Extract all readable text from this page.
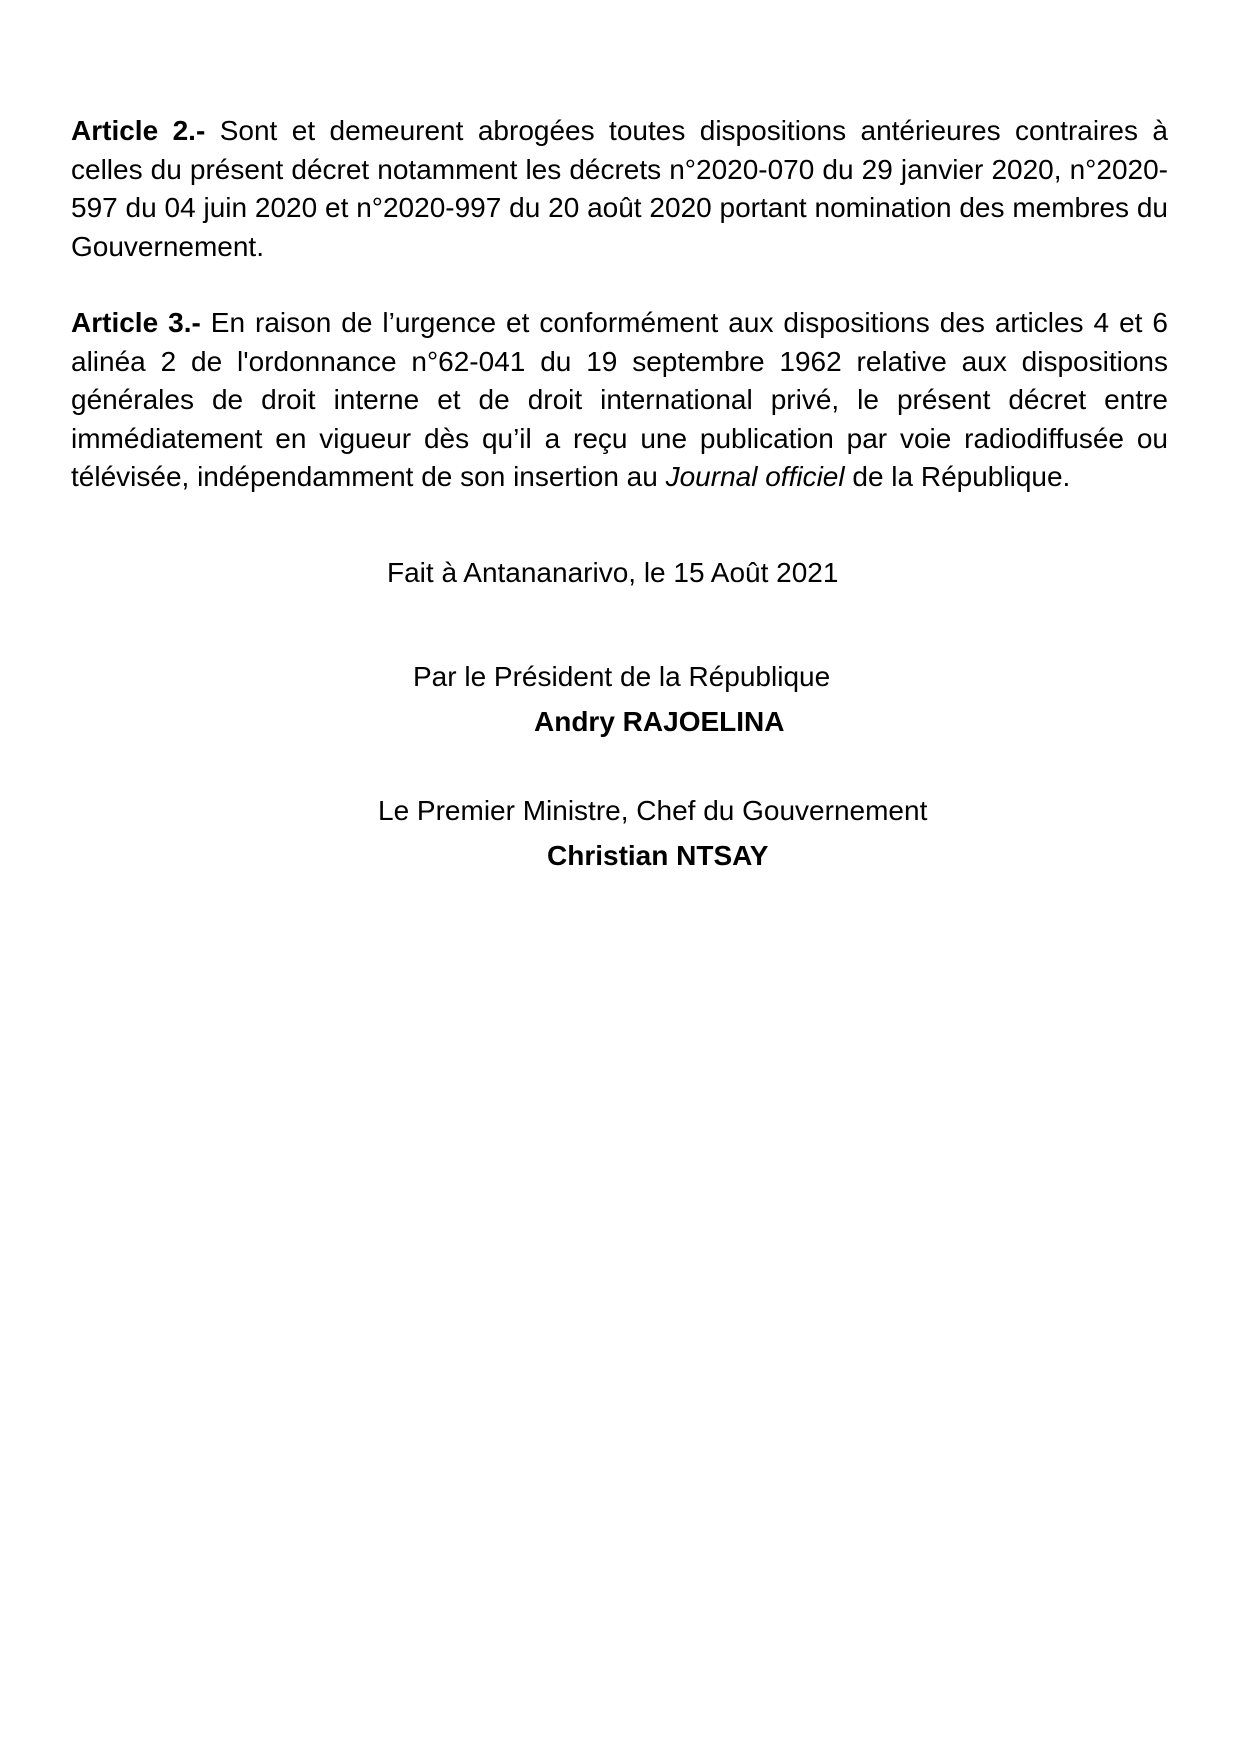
Article 2.- Sont et demeurent abrogées toutes dispositions antérieures contraires à celles du présent décret notamment les décrets n°2020-070 du 29 janvier 2020, n°2020-597 du 04 juin 2020 et n°2020-997 du 20 août 2020 portant nomination des membres du Gouvernement.

Article 3.- En raison de l’urgence et conformément aux dispositions des articles 4 et 6 alinéa 2 de l'ordonnance n°62-041 du 19 septembre 1962 relative aux dispositions générales de droit interne et de droit international privé, le présent décret entre immédiatement en vigueur dès qu’il a reçu une publication par voie radiodiffusée ou télévisée, indépendamment de son insertion au Journal officiel de la République.

Fait à Antananarivo, le 15 Août 2021
Par le Président de la République
Andry RAJOELINA
Le Premier Ministre, Chef du Gouvernement
Christian NTSAY
